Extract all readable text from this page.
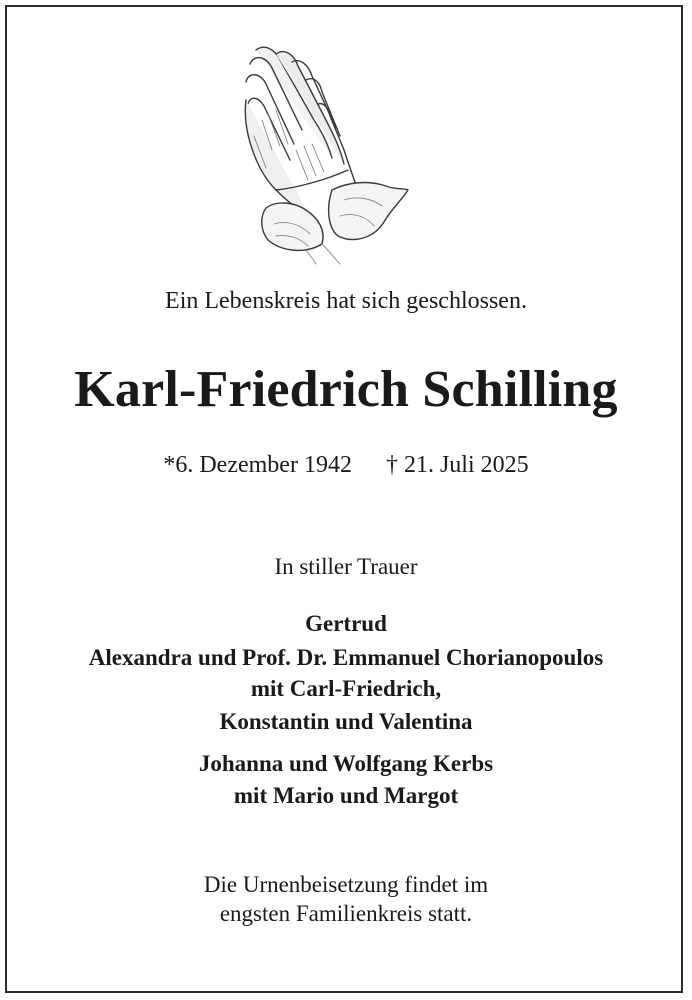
Ein Lebenskreis hat sich geschlossen.
Karl-Friedrich Schilling
*6. Dezember 1942 † 21. Juli 2025
In stiller Trauer
Gertrud
Alexandra und Prof. Dr. Emmanuel Chorianopoulos
mit Carl-Friedrich,
Konstantin und Valentina
Johanna und Wolfgang Kerbs
mit Mario und Margot
Die Urnenbeisetzung findet im
engsten Familienkreis statt.
